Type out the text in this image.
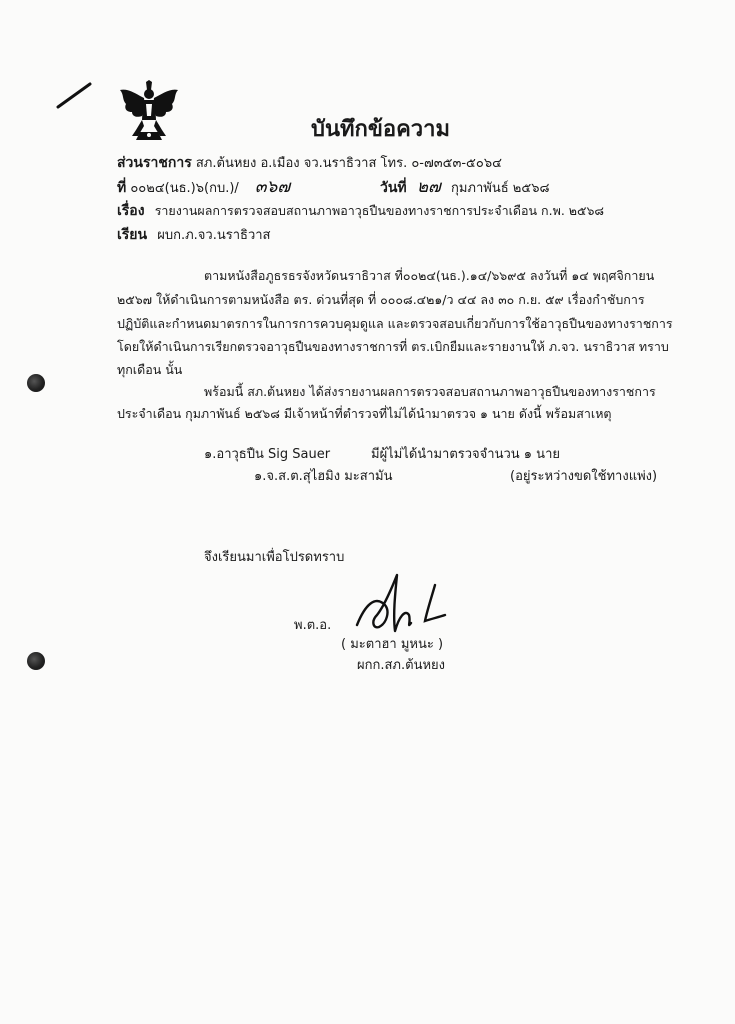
บันทึกข้อความ
ส่วนราชการ สภ.ต้นหยง อ.เมือง จว.นราธิวาส โทร. ๐-๗๓๕๓-๕๐๖๔
ที่ ๐๐๒๔(นธ.)๖(กบ.)/ ๓๖๗	วันที่ ๒๗ กุมภาพันธ์ ๒๕๖๘
เรื่อง รายงานผลการตรวจสอบสถานภาพอาวุธปืนของทางราชการประจำเดือน ก.พ. ๒๕๖๘
เรียน ผบก.ภ.จว.นราธิวาส
ตามหนังสือภูธรธรจังหวัดนราธิวาส ที่๐๐๒๔(นธ.).๑๔/๖๖๙๕ ลงวันที่ ๑๔ พฤศจิกายน
๒๕๖๗ ให้ดำเนินการตามหนังสือ ตร. ด่วนที่สุด ที่ ๐๐๐๘.๔๒๑/ว ๔๔ ลง ๓๐ ก.ย. ๕๙ เรื่องกำชับการ
ปฏิบัติและกำหนดมาตรการในการการควบคุมดูแล และตรวจสอบเกี่ยวกับการใช้อาวุธปืนของทางราชการ
โดยให้ดำเนินการเรียกตรวจอาวุธปืนของทางราชการที่ ตร.เบิกยืมและรายงานให้ ภ.จว. นราธิวาส ทราบ
ทุกเดือน นั้น
พร้อมนี้ สภ.ต้นหยง ได้ส่งรายงานผลการตรวจสอบสถานภาพอาวุธปืนของทางราชการ
ประจำเดือน กุมภาพันธ์ ๒๕๖๘ มีเจ้าหน้าที่ตำรวจที่ไม่ได้นำมาตรวจ ๑ นาย ดังนี้ พร้อมสาเหตุ
๑.อาวุธปืน Sig Sauer	มีผู้ไม่ได้นำมาตรวจจำนวน ๑ นาย
๑.จ.ส.ต.สุไฮมิง มะสามัน	(อยู่ระหว่างขดใช้ทางแพ่ง)
จึงเรียนมาเพื่อโปรดทราบ
พ.ต.อ.
( มะตาฮา มูหนะ )
ผกก.สภ.ต้นหยง
